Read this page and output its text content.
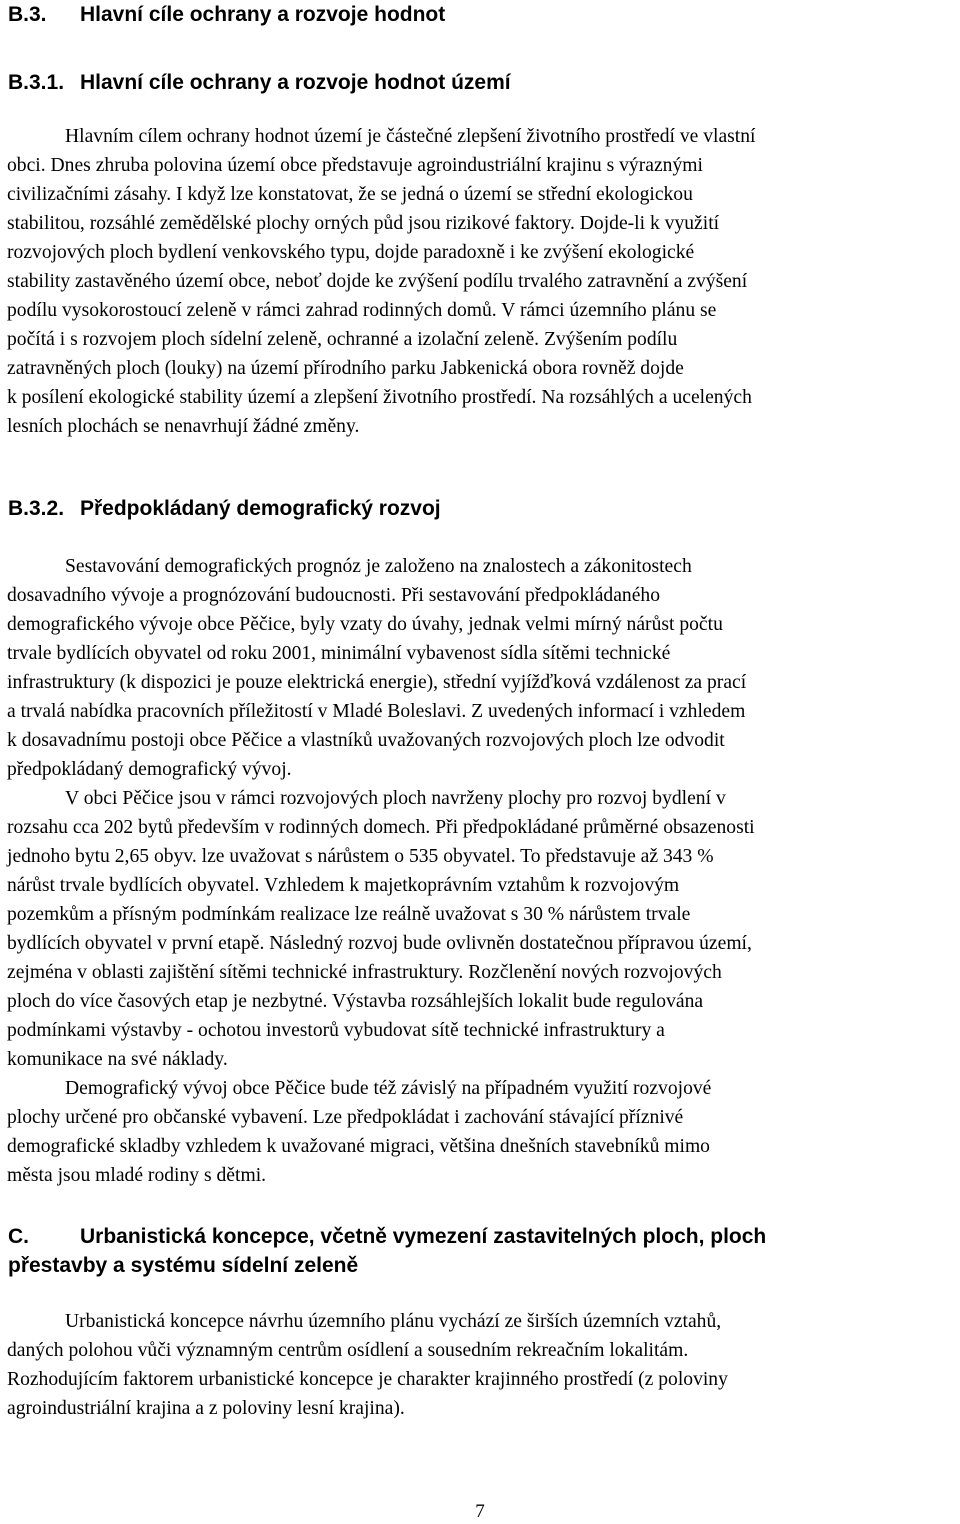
B.3. Hlavní cíle ochrany a rozvoje hodnot
B.3.1. Hlavní cíle ochrany a rozvoje hodnot území
Hlavním cílem ochrany hodnot území je částečné zlepšení životního prostředí ve vlastní
obci. Dnes zhruba polovina území obce představuje agroindustriální krajinu s výraznými
civilizačními zásahy. I když lze konstatovat, že se jedná o území se střední ekologickou
stabilitou, rozsáhlé zemědělské plochy orných půd jsou rizikové faktory. Dojde-li k využití
rozvojových ploch bydlení venkovského typu, dojde paradoxně i ke zvýšení ekologické
stability zastavěného území obce, neboť dojde ke zvýšení podílu trvalého zatravnění a zvýšení
podílu vysokorostoucí zeleně v rámci zahrad rodinných domů. V rámci územního plánu se
počítá i s rozvojem ploch sídelní zeleně, ochranné a izolační zeleně. Zvýšením podílu
zatravněných ploch (louky) na území přírodního parku Jabkenická obora rovněž dojde
k posílení ekologické stability území a zlepšení životního prostředí. Na rozsáhlých a ucelených
lesních plochách se nenavrhují žádné změny.
B.3.2. Předpokládaný demografický rozvoj
Sestavování demografických prognóz je založeno na znalostech a zákonitostech
dosavadního vývoje a prognózování budoucnosti. Při sestavování předpokládaného
demografického vývoje obce Pěčice, byly vzaty do úvahy, jednak velmi mírný nárůst počtu
trvale bydlících obyvatel od roku 2001, minimální vybavenost sídla sítěmi technické
infrastruktury (k dispozici je pouze elektrická energie), střední vyjížďková vzdálenost za prací
a trvalá nabídka pracovních příležitostí v Mladé Boleslavi. Z uvedených informací i vzhledem
k dosavadnímu postoji obce Pěčice a vlastníků uvažovaných rozvojových ploch lze odvodit
předpokládaný demografický vývoj.
V obci Pěčice jsou v rámci rozvojových ploch navrženy plochy pro rozvoj bydlení v
rozsahu cca 202 bytů především v rodinných domech. Při předpokládané průměrné obsazenosti
jednoho bytu 2,65 obyv. lze uvažovat s nárůstem o 535 obyvatel. To představuje až 343 %
nárůst trvale bydlících obyvatel. Vzhledem k majetkoprávním vztahům k rozvojovým
pozemkům a přísným podmínkám realizace lze reálně uvažovat s 30 % nárůstem trvale
bydlících obyvatel v první etapě. Následný rozvoj bude ovlivněn dostatečnou přípravou území,
zejména v oblasti zajištění sítěmi technické infrastruktury. Rozčlenění nových rozvojových
ploch do více časových etap je nezbytné. Výstavba rozsáhlejších lokalit bude regulována
podmínkami výstavby - ochotou investorů vybudovat sítě technické infrastruktury a
komunikace na své náklady.
Demografický vývoj obce Pěčice bude též závislý na případném využití rozvojové
plochy určené pro občanské vybavení. Lze předpokládat i zachování stávající příznivé
demografické skladby vzhledem k uvažované migraci, většina dnešních stavebníků mimo
města jsou mladé rodiny s dětmi.
C. Urbanistická koncepce, včetně vymezení zastavitelných ploch, ploch
přestavby a systému sídelní zeleně
Urbanistická koncepce návrhu územního plánu vychází ze širších územních vztahů,
daných polohou vůči významným centrům osídlení a sousedním rekreačním lokalitám.
Rozhodujícím faktorem urbanistické koncepce je charakter krajinného prostředí (z poloviny
agroindustriální krajina a z poloviny lesní krajina).
7
